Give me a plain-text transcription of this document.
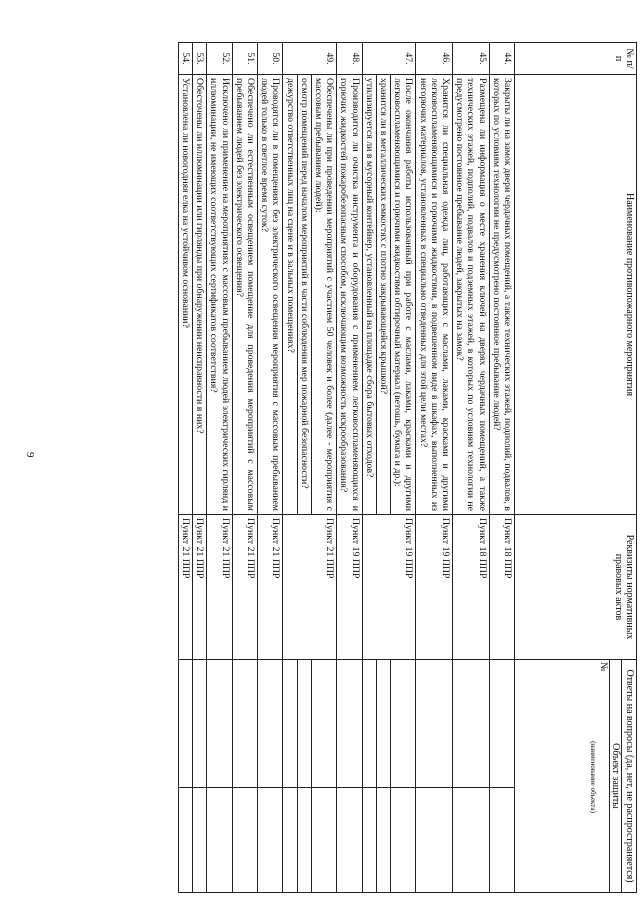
9
№ п/п	Наименование противопожарного мероприятия	Реквизиты нормативных правовых актов	Ответы на вопросы (да, нет, не распространяется)
Объект защиты
№
(наименование объекта)	

44.	Закрыты ли на замок двери чердачных помещений, а также технических этажей, подполий, подвалов, в которых по условиям технологии не предусмотрено постоянное пребывание людей?	Пункт 18 ППР		
45.	Размещена ли информация о месте хранения ключей на дверях чердачных помещений, а также технических этажей, подполий, подвалов и подземных этажей, в которых по условиям технологии не предусмотрено постоянное пребывание людей, закрытых на замок?	Пункт 18 ППР		
46.	Хранится ли специальная одежда лиц, работающих с маслами, лаками, красками и другими легковоспламеняющимися и горючими жидкостями, в подвешенном виде в шкафах, выполненных из негорючих материалов, установленных в специально отведенных для этой цели местах?	Пункт 19 ППР		
47.	После окончания работы использованный при работе с маслами, лаками, красками и другими легковоспламеняющимися и горючими жидкостями обтирочный материал (ветошь, бумага и др.):	Пункт 19 ППР		
	хранится ли в металлических емкостях с плотно закрывающейся крышкой?			
	утилизируется ли в мусорный контейнер, установленный на площадке сбора бытовых отходов?			
48.	Производится ли очистка инструмента и оборудования с применением легковоспламеняющихся и горючих жидкостей пожаробезопасным способом, исключающим возможность искрообразования?	Пункт 19 ППР		
49.	Обеспечены ли при проведении мероприятий с участием 50 человек и более (далее - мероприятия с массовым пребыванием людей):	Пункт 21 ППР		
	осмотр помещений перед началом мероприятий в части соблюдения мер пожарной безопасности?			
	дежурство ответственных лиц на сцене и в зальных помещениях?			
50.	Проводятся ли в помещениях без электрического освещения мероприятия с массовым пребыванием людей только в светлое время суток?	Пункт 21 ППР		
51.	Обеспечено ли естественным освещением помещение для проведения мероприятий с массовым пребыванием людей без электрического освещения?	Пункт 21 ППР		
52.	Исключено ли применение на мероприятиях с массовым пребыванием людей электрических гирлянд и иллюминации, не имеющих соответствующих сертификатов соответствия?	Пункт 21 ППР		
53.	Обесточены ли иллюминации или гирлянды при обнаружении неисправности в них?	Пункт 21 ППР		
54.	Установлена ли новогодняя елка на устойчивом основании?	Пункт 21 ППР		
